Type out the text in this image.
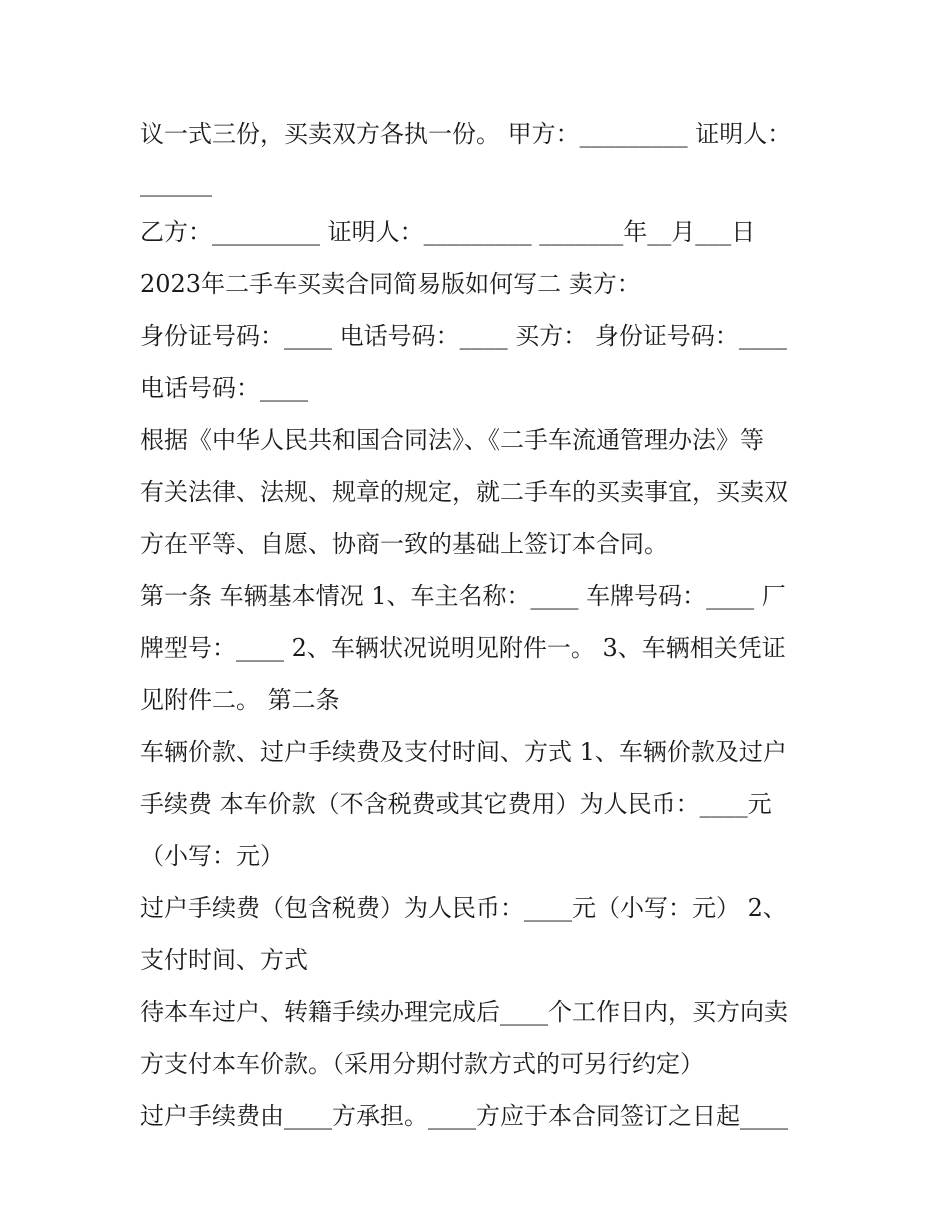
议一式三份，买卖双方各执一份。 甲方：_________ 证明人：
______
乙方：_________ 证明人：_________ _______年__月___日
2023年二手车买卖合同简易版如何写二 卖方：
身份证号码：____ 电话号码：____ 买方： 身份证号码：____
电话号码：____
根据《中华人民共和国合同法》、《二手车流通管理办法》等
有关法律、法规、规章的规定，就二手车的买卖事宜，买卖双
方在平等、自愿、协商一致的基础上签订本合同。
第一条 车辆基本情况 1、车主名称：____ 车牌号码：____ 厂
牌型号：____ 2、车辆状况说明见附件一。 3、车辆相关凭证
见附件二。 第二条
车辆价款、过户手续费及支付时间、方式 1、车辆价款及过户
手续费 本车价款（不含税费或其它费用）为人民币：____元
（小写：元）
过户手续费（包含税费）为人民币：____元（小写：元） 2、
支付时间、方式
待本车过户、转籍手续办理完成后____个工作日内，买方向卖
方支付本车价款。（采用分期付款方式的可另行约定）
过户手续费由____方承担。____方应于本合同签订之日起____
